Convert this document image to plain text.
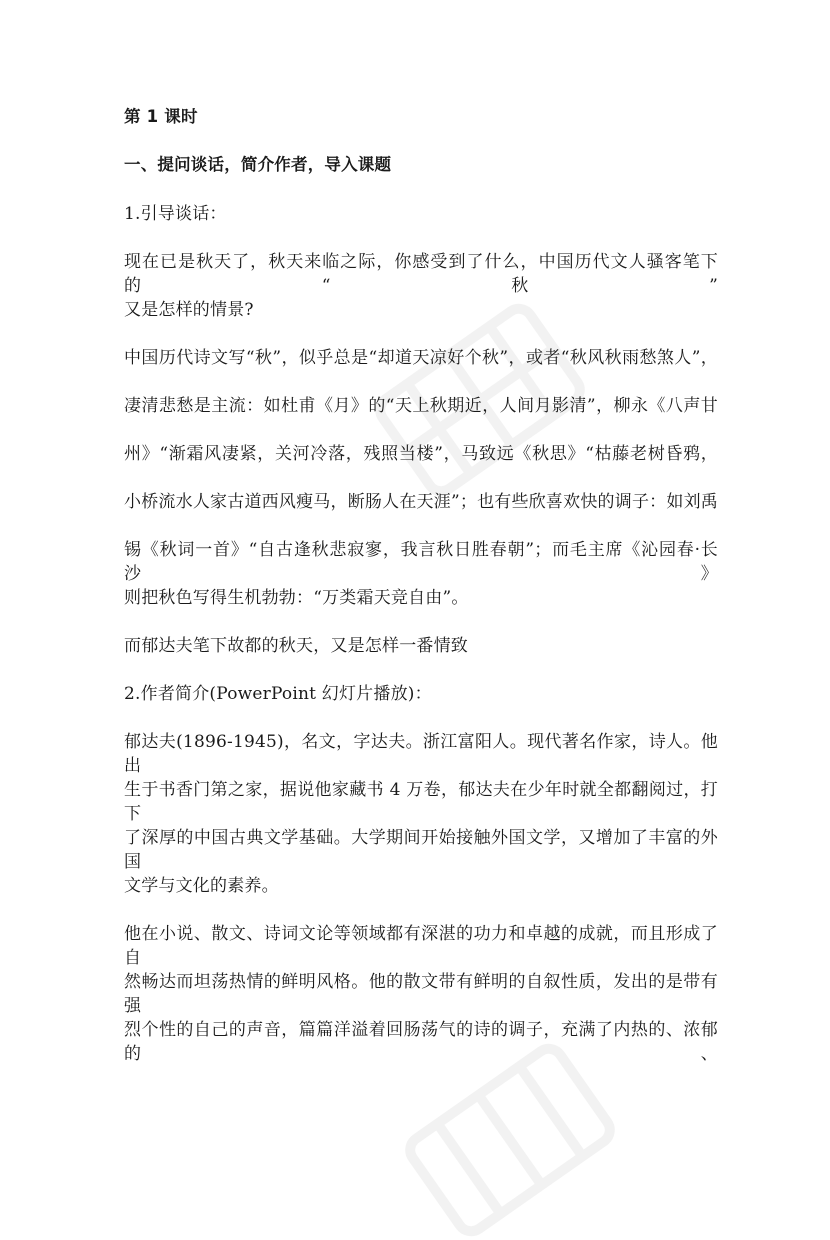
第 1 课时
一、提问谈话，简介作者，导入课题
1.引导谈话：
现在已是秋天了，秋天来临之际，你感受到了什么，中国历代文人骚客笔下的“秋”
又是怎样的情景?
中国历代诗文写“秋”，似乎总是“却道天凉好个秋”，或者“秋风秋雨愁煞人”，
凄清悲愁是主流：如杜甫《月》的“天上秋期近，人间月影清”，柳永《八声甘
州》“渐霜风凄紧，关河冷落，残照当楼”，马致远《秋思》“枯藤老树昏鸦，
小桥流水人家古道西风瘦马，断肠人在天涯”；也有些欣喜欢快的调子：如刘禹
锡《秋词一首》“自古逢秋悲寂寥，我言秋日胜春朝”；而毛主席《沁园春·长沙》
则把秋色写得生机勃勃：“万类霜天竞自由”。
而郁达夫笔下故都的秋天，又是怎样一番情致
2.作者简介(PowerPoint 幻灯片播放)：
郁达夫(1896-1945)，名文，字达夫。浙江富阳人。现代著名作家，诗人。他出
生于书香门第之家，据说他家藏书 4 万卷，郁达夫在少年时就全都翻阅过，打下
了深厚的中国古典文学基础。大学期间开始接触外国文学，又增加了丰富的外国
文学与文化的素养。
他在小说、散文、诗词文论等领域都有深湛的功力和卓越的成就，而且形成了自
然畅达而坦荡热情的鲜明风格。他的散文带有鲜明的自叙性质，发出的是带有强
烈个性的自己的声音，篇篇洋溢着回肠荡气的诗的调子，充满了内热的、浓郁的、
